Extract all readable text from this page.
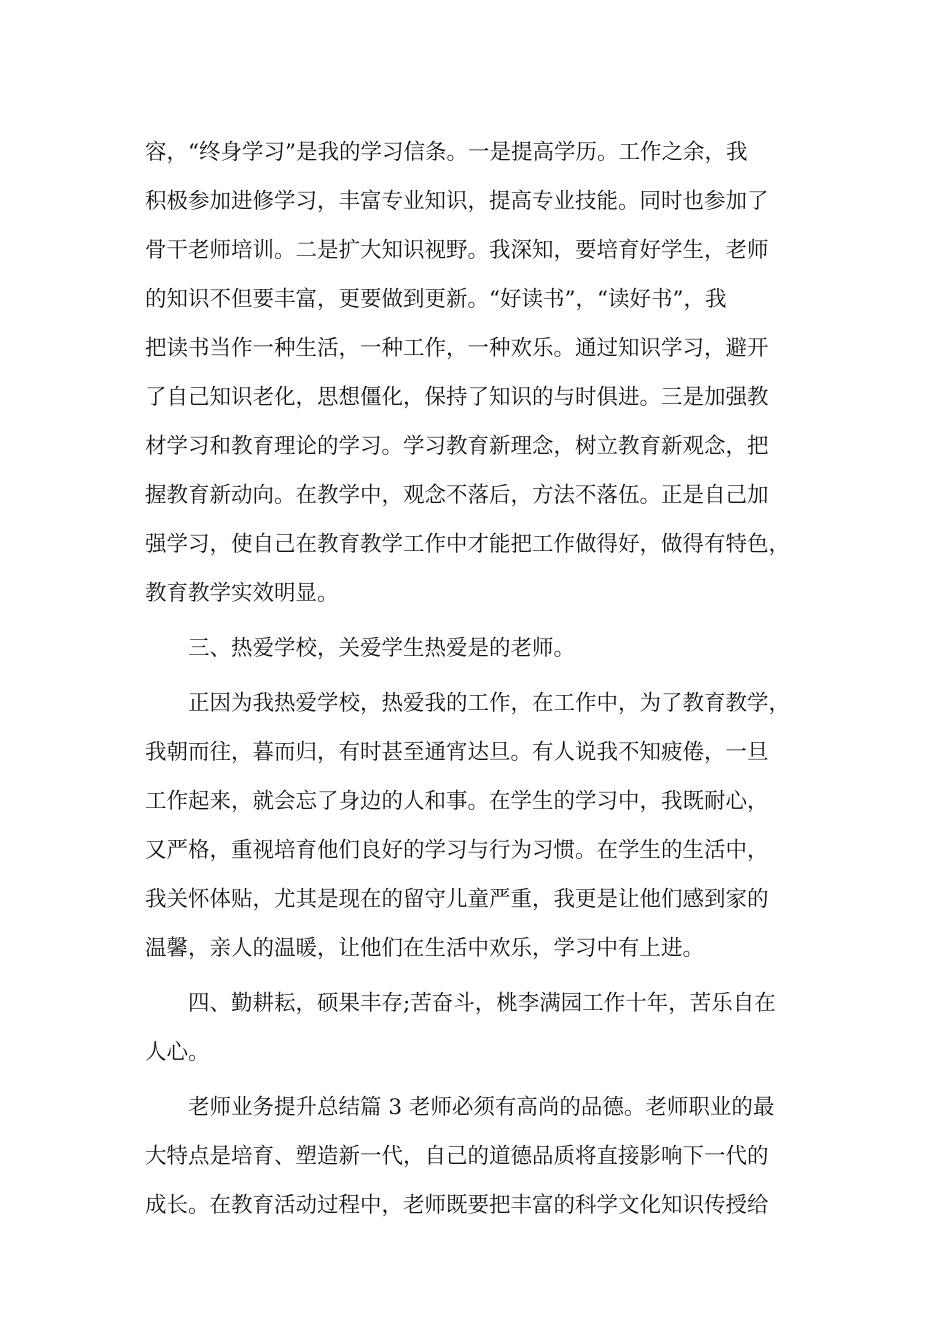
容，“终身学习”是我的学习信条。一是提高学历。工作之余，我

积极参加进修学习，丰富专业知识，提高专业技能。同时也参加了

骨干老师培训。二是扩大知识视野。我深知，要培育好学生，老师

的知识不但要丰富，更要做到更新。“好读书”，“读好书”，我

把读书当作一种生活，一种工作，一种欢乐。通过知识学习，避开

了自己知识老化，思想僵化，保持了知识的与时俱进。三是加强教

材学习和教育理论的学习。学习教育新理念，树立教育新观念，把

握教育新动向。在教学中，观念不落后，方法不落伍。正是自己加

强学习，使自己在教育教学工作中才能把工作做得好，做得有特色，

教育教学实效明显。

　　三、热爱学校，关爱学生热爱是的老师。

　　正因为我热爱学校，热爱我的工作，在工作中，为了教育教学，

我朝而往，暮而归，有时甚至通宵达旦。有人说我不知疲倦，一旦

工作起来，就会忘了身边的人和事。在学生的学习中，我既耐心，

又严格，重视培育他们良好的学习与行为习惯。在学生的生活中，

我关怀体贴，尤其是现在的留守儿童严重，我更是让他们感到家的

温馨，亲人的温暖，让他们在生活中欢乐，学习中有上进。

　　四、勤耕耘，硕果丰存;苦奋斗，桃李满园工作十年，苦乐自在

人心。

　　老师业务提升总结篇 3 老师必须有高尚的品德。老师职业的最

大特点是培育、塑造新一代，自己的道德品质将直接影响下一代的

成长。在教育活动过程中，老师既要把丰富的科学文化知识传授给
